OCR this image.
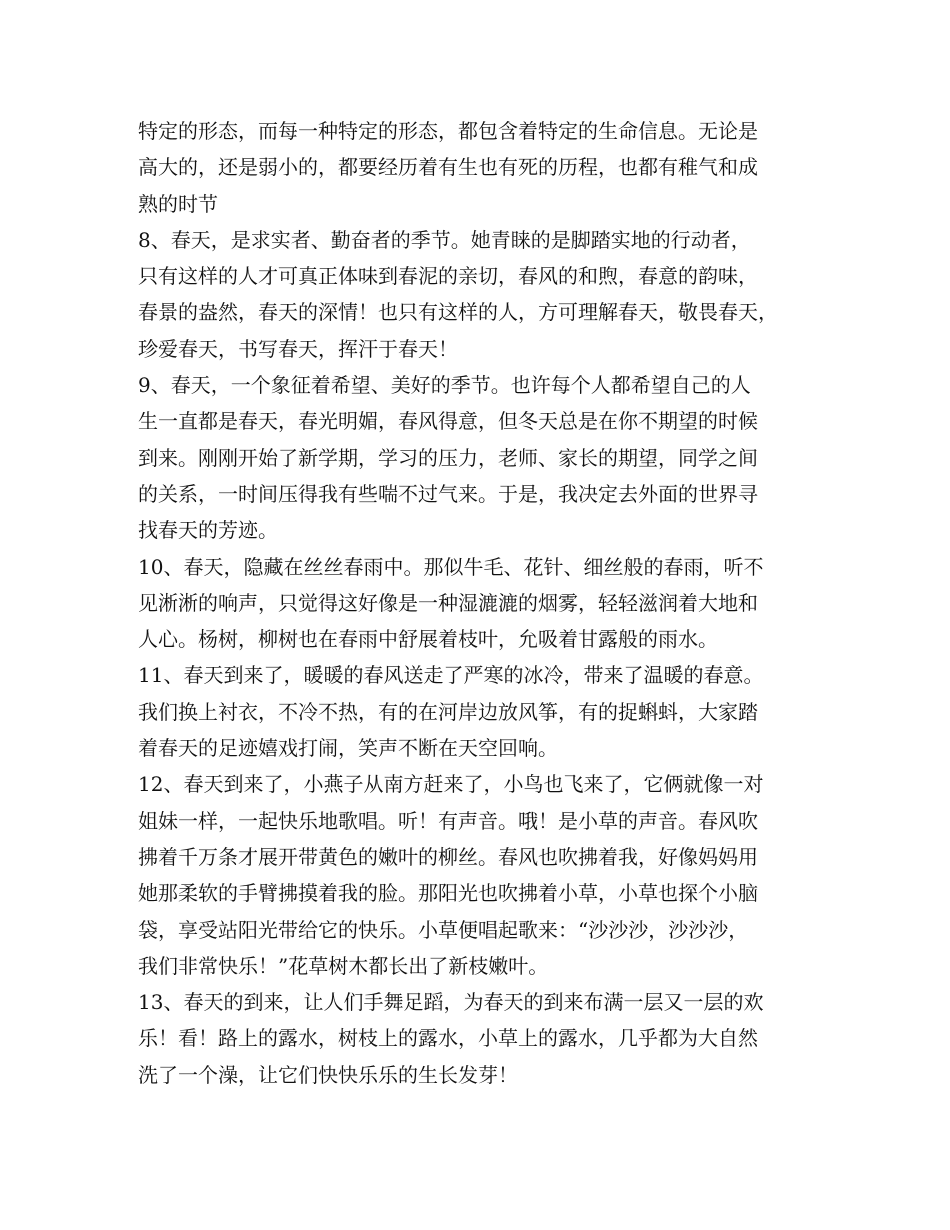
特定的形态，而每一种特定的形态，都包含着特定的生命信息。无论是
高大的，还是弱小的，都要经历着有生也有死的历程，也都有稚气和成
熟的时节
8、春天，是求实者、勤奋者的季节。她青睐的是脚踏实地的行动者，
只有这样的人才可真正体味到春泥的亲切，春风的和煦，春意的韵味，
春景的盎然，春天的深情！也只有这样的人，方可理解春天，敬畏春天，
珍爱春天，书写春天，挥汗于春天！
9、春天，一个象征着希望、美好的季节。也许每个人都希望自己的人
生一直都是春天，春光明媚，春风得意，但冬天总是在你不期望的时候
到来。刚刚开始了新学期，学习的压力，老师、家长的期望，同学之间
的关系，一时间压得我有些喘不过气来。于是，我决定去外面的世界寻
找春天的芳迹。
10、春天，隐藏在丝丝春雨中。那似牛毛、花针、细丝般的春雨，听不
见淅淅的响声，只觉得这好像是一种湿漉漉的烟雾，轻轻滋润着大地和
人心。杨树，柳树也在春雨中舒展着枝叶，允吸着甘露般的雨水。
11、春天到来了，暖暖的春风送走了严寒的冰冷，带来了温暖的春意。
我们换上衬衣，不冷不热，有的在河岸边放风筝，有的捉蝌蚪，大家踏
着春天的足迹嬉戏打闹，笑声不断在天空回响。
12、春天到来了，小燕子从南方赶来了，小鸟也飞来了，它俩就像一对
姐妹一样，一起快乐地歌唱。听！有声音。哦！是小草的声音。春风吹
拂着千万条才展开带黄色的嫩叶的柳丝。春风也吹拂着我，好像妈妈用
她那柔软的手臂拂摸着我的脸。那阳光也吹拂着小草，小草也探个小脑
袋，享受站阳光带给它的快乐。小草便唱起歌来：“沙沙沙，沙沙沙，
我们非常快乐！”花草树木都长出了新枝嫩叶。
13、春天的到来，让人们手舞足蹈，为春天的到来布满一层又一层的欢
乐！看！路上的露水，树枝上的露水，小草上的露水，几乎都为大自然
洗了一个澡，让它们快快乐乐的生长发芽！
